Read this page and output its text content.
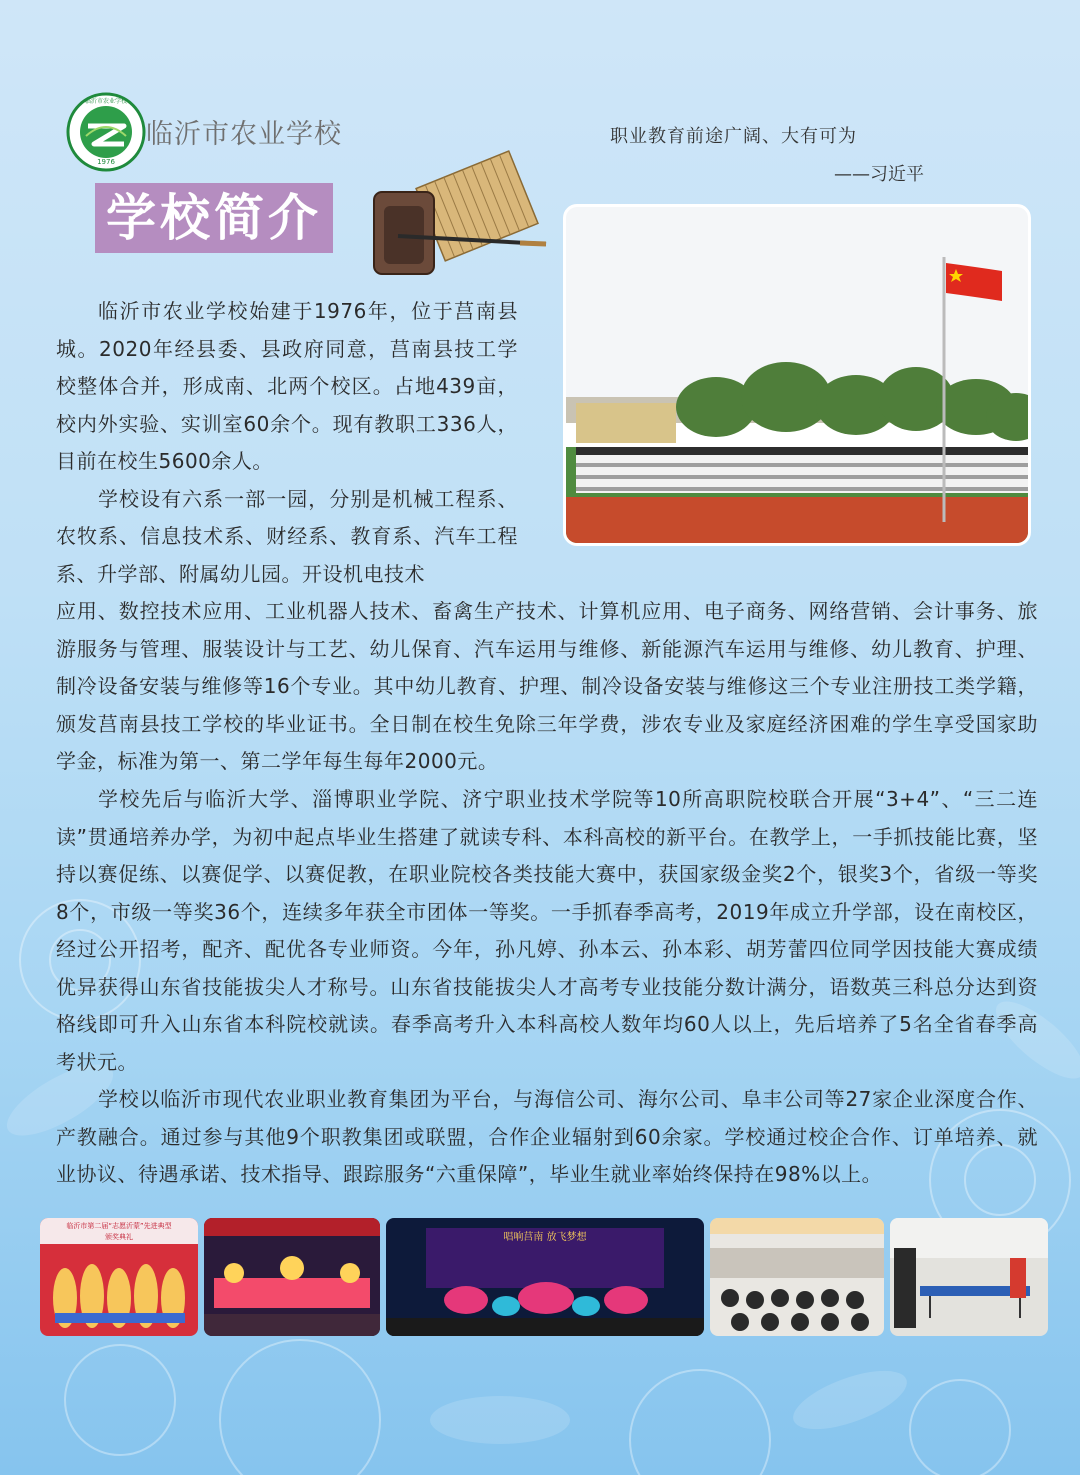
1976
临沂市农业学校
临沂市农业学校	职业教育前途广阔、大有可为
——习近平
学校简介

临沂市农业学校始建于1976年，位于莒南县城。2020年经县委、县政府同意，莒南县技工学校整体合并，形成南、北两个校区。占地439亩，校内外实验、实训室60余个。现有教职工336人，目前在校生5600余人。

学校设有六系一部一园，分别是机械工程系、农牧系、信息技术系、财经系、教育系、汽车工程系、升学部、附属幼儿园。开设机电技术

应用、数控技术应用、工业机器人技术、畜禽生产技术、计算机应用、电子商务、网络营销、会计事务、旅游服务与管理、服装设计与工艺、幼儿保育、汽车运用与维修、新能源汽车运用与维修、幼儿教育、护理、制冷设备安装与维修等16个专业。其中幼儿教育、护理、制冷设备安装与维修这三个专业注册技工类学籍，颁发莒南县技工学校的毕业证书。全日制在校生免除三年学费，涉农专业及家庭经济困难的学生享受国家助学金，标准为第一、第二学年每生每年2000元。

学校先后与临沂大学、淄博职业学院、济宁职业技术学院等10所高职院校联合开展“3+4”、“三二连读”贯通培养办学，为初中起点毕业生搭建了就读专科、本科高校的新平台。在教学上，一手抓技能比赛，坚持以赛促练、以赛促学、以赛促教，在职业院校各类技能大赛中，获国家级金奖2个，银奖3个，省级一等奖8个，市级一等奖36个，连续多年获全市团体一等奖。一手抓春季高考，2019年成立升学部，设在南校区，经过公开招考，配齐、配优各专业师资。今年，孙凡婷、孙本云、孙本彩、胡芳蕾四位同学因技能大赛成绩优异获得山东省技能拔尖人才称号。山东省技能拔尖人才高考专业技能分数计满分，语数英三科总分达到资格线即可升入山东省本科院校就读。春季高考升入本科高校人数年均60人以上，先后培养了5名全省春季高考状元。

学校以临沂市现代农业职业教育集团为平台，与海信公司、海尔公司、阜丰公司等27家企业深度合作、产教融合。通过参与其他9个职教集团或联盟，合作企业辐射到60余家。学校通过校企合作、订单培养、就业协议、待遇承诺、技术指导、跟踪服务“六重保障”，毕业生就业率始终保持在98%以上。

临沂市第二届“志愿沂蒙”先进典型
颁奖典礼	唱响莒南 放飞梦想
